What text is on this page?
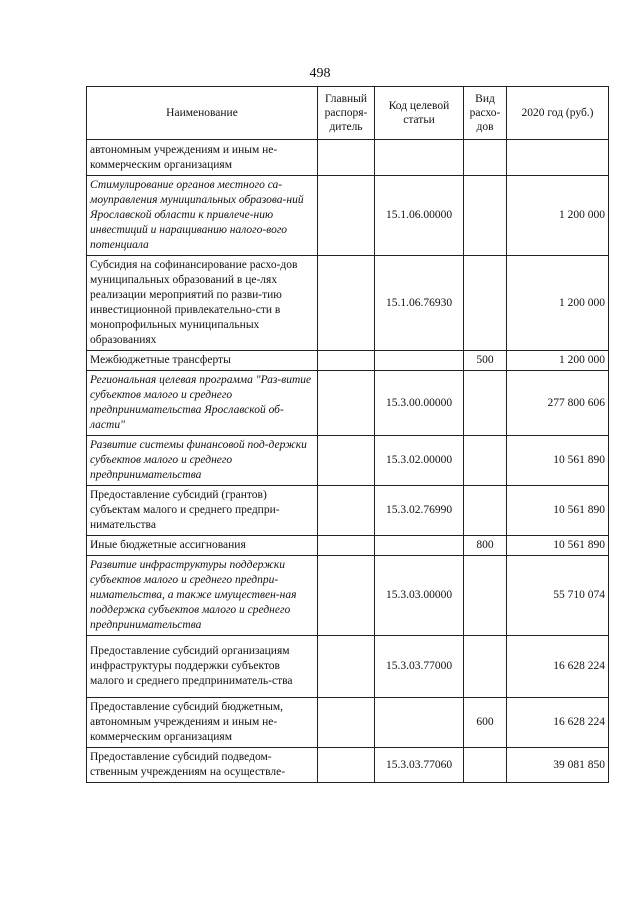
498
Наименование	Главный распоря-дитель	Код целевой статьи	Вид расхо-дов	2020 год (руб.)
автономным учреждениям и иным не-коммерческим организациям				
Стимулирование органов местного са-моуправления муниципальных образова-ний Ярославской области к привлече-нию инвестиций и наращиванию налого-вого потенциала		15.1.06.00000		1 200 000
Субсидия на софинансирование расхо-дов муниципальных образований в це-лях реализации мероприятий по разви-тию инвестиционной привлекательно-сти в монопрофильных муниципальных образованиях		15.1.06.76930		1 200 000
Межбюджетные трансферты			500	1 200 000
Региональная целевая программа "Раз-витие субъектов малого и среднего предпринимательства Ярославской об-ласти"		15.3.00.00000		277 800 606
Развитие системы финансовой под-держки субъектов малого и среднего предпринимательства		15.3.02.00000		10 561 890
Предоставление субсидий (грантов) субъектам малого и среднего предпри-нимательства		15.3.02.76990		10 561 890
Иные бюджетные ассигнования			800	10 561 890
Развитие инфраструктуры поддержки субъектов малого и среднего предпри-нимательства, а также имуществен-ная поддержка субъектов малого и среднего предпринимательства		15.3.03.00000		55 710 074
Предоставление субсидий организациям инфраструктуры поддержки субъектов малого и среднего предприниматель-ства		15.3.03.77000		16 628 224
Предоставление субсидий бюджетным, автономным учреждениям и иным не-коммерческим организациям			600	16 628 224
Предоставление субсидий подведом-ственным учреждениям на осуществле-		15.3.03.77060		39 081 850
